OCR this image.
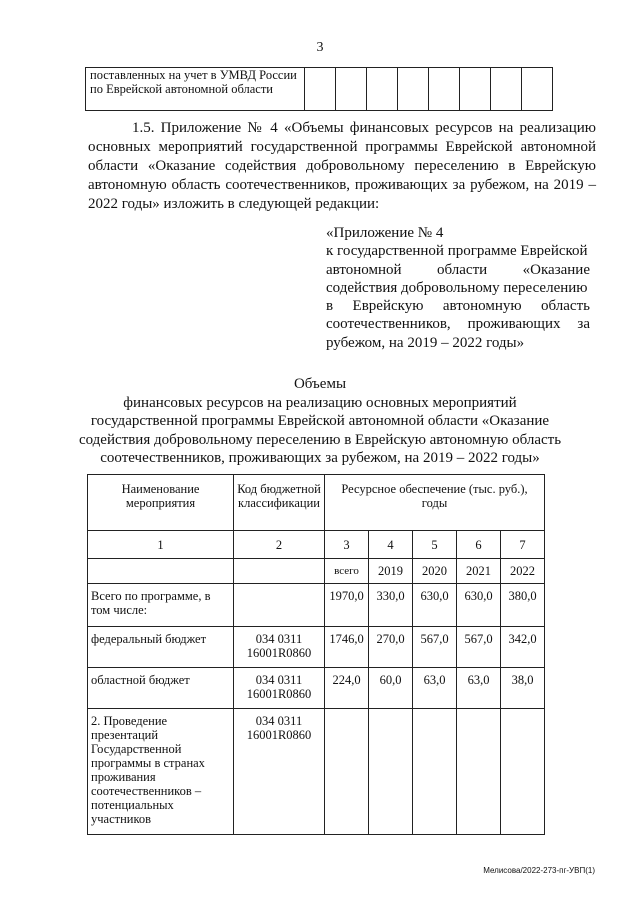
3
поставленных на учет в УМВД России по Еврейской автономной области								

1.5. Приложение № 4 «Объемы финансовых ресурсов на реализацию основных мероприятий государственной программы Еврейской автономной области «Оказание содействия добровольному переселению в Еврейскую автономную область соотечественников, проживающих за рубежом, на 2019 – 2022 годы» изложить в следующей редакции:

«Приложение № 4
к государственной программе Еврейской
автономной области «Оказание
содействия добровольному переселению
в Еврейскую автономную область
соотечественников, проживающих за
рубежом, на 2019 – 2022 годы»
Объемы
финансовых ресурсов на реализацию основных мероприятий
государственной программы Еврейской автономной области «Оказание
содействия добровольному переселению в Еврейскую автономную область
соотечественников, проживающих за рубежом, на 2019 – 2022 годы»
Наименование мероприятия	Код бюджетной классификации	Ресурсное обеспечение (тыс. руб.), годы				
1	2	3	4	5	6	7
		всего	2019	2020	2021	2022
Всего по программе, в том числе:		1970,0	330,0	630,0	630,0	380,0
федеральный бюджет	034 0311 16001R0860	1746,0	270,0	567,0	567,0	342,0
областной бюджет	034 0311 16001R0860	224,0	60,0	63,0	63,0	38,0
2. Проведение презентаций Государственной программы в странах проживания соотечественников – потенциальных участников	034 0311 16001R0860					
Мелисова/2022-273-пг-УВП(1)
